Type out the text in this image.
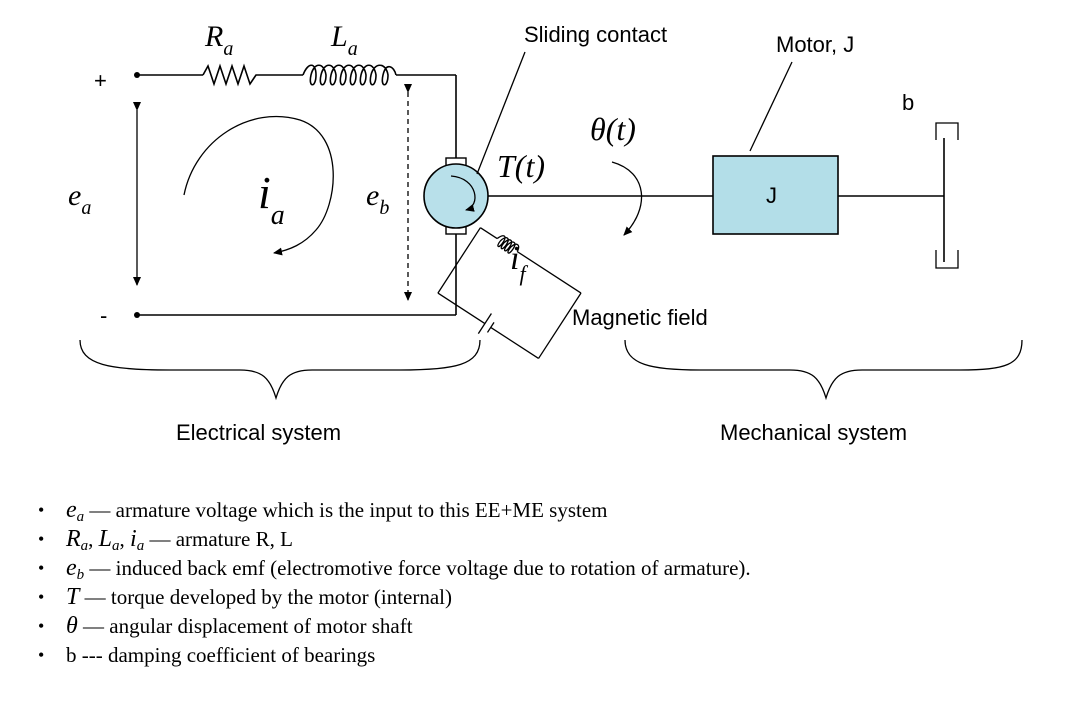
+
-
$R_a$	$L_a$
$e_a$	$i_a$
$e_b$
T(t)
θ(t)
$i_f$
J
b
Sliding contact	Motor, J
Magnetic field
Electrical system	Mechanical system
• $e_a$ — armature voltage which is the input to this EE+ME system
• $R_a$, $L_a$, $i_a$ — armature R, L
• $e_b$ — induced back emf (electromotive force voltage due to rotation of armature).
• T — torque developed by the motor (internal)
• θ — angular displacement of motor shaft
• b --- damping coefficient of bearings
